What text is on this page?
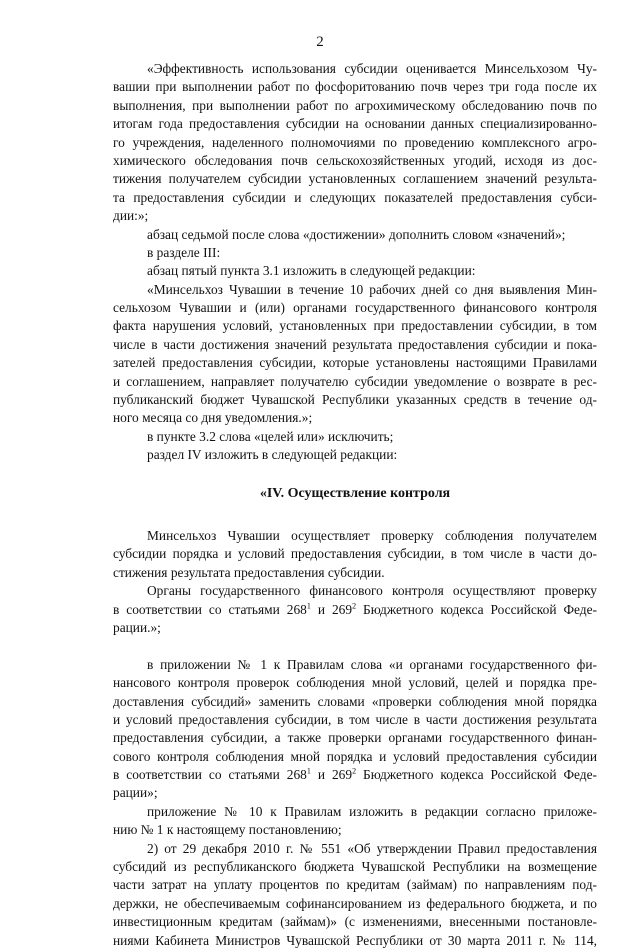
2
«Эффективность использования субсидии оценивается Минсельхозом Чу-
вашии при выполнении работ по фосфоритованию почв через три года после их
выполнения, при выполнении работ по агрохимическому обследованию почв по
итогам года предоставления субсидии на основании данных специализированно-
го учреждения, наделенного полномочиями по проведению комплексного агро-
химического обследования почв сельскохозяйственных угодий, исходя из дос-
тижения получателем субсидии установленных соглашением значений результа-
та предоставления субсидии и следующих показателей предоставления субси-
дии:»;
абзац седьмой после слова «достижении» дополнить словом «значений»;
в разделе III:
абзац пятый пункта 3.1 изложить в следующей редакции:
«Минсельхоз Чувашии в течение 10 рабочих дней со дня выявления Мин-
сельхозом Чувашии и (или) органами государственного финансового контроля
факта нарушения условий, установленных при предоставлении субсидии, в том
числе в части достижения значений результата предоставления субсидии и пока-
зателей предоставления субсидии, которые установлены настоящими Правилами
и соглашением, направляет получателю субсидии уведомление о возврате в рес-
публиканский бюджет Чувашской Республики указанных средств в течение од-
ного месяца со дня уведомления.»;
в пункте 3.2 слова «целей или» исключить;
раздел IV изложить в следующей редакции:
«IV. Осуществление контроля
Минсельхоз Чувашии осуществляет проверку соблюдения получателем
субсидии порядка и условий предоставления субсидии, в том числе в части до-
стижения результата предоставления субсидии.
Органы государственного финансового контроля осуществляют проверку
в соответствии со статьями $268^1$ и $269^2$ Бюджетного кодекса Российской Феде-
рации.»;
в приложении № 1 к Правилам слова «и органами государственного фи-
нансового контроля проверок соблюдения мной условий, целей и порядка пре-
доставления субсидий» заменить словами «проверки соблюдения мной порядка
и условий предоставления субсидии, в том числе в части достижения результата
предоставления субсидии, а также проверки органами государственного финан-
сового контроля соблюдения мной порядка и условий предоставления субсидии
в соответствии со статьями $268^1$ и $269^2$ Бюджетного кодекса Российской Феде-
рации»;
приложение № 10 к Правилам изложить в редакции согласно приложе-
нию № 1 к настоящему постановлению;
2) от 29 декабря 2010 г. № 551 «Об утверждении Правил предоставления
субсидий из республиканского бюджета Чувашской Республики на возмещение
части затрат на уплату процентов по кредитам (займам) по направлениям под-
держки, не обеспечиваемым софинансированием из федерального бюджета, и по
инвестиционным кредитам (займам)» (с изменениями, внесенными постановле-
ниями Кабинета Министров Чувашской Республики от 30 марта 2011 г. № 114,
